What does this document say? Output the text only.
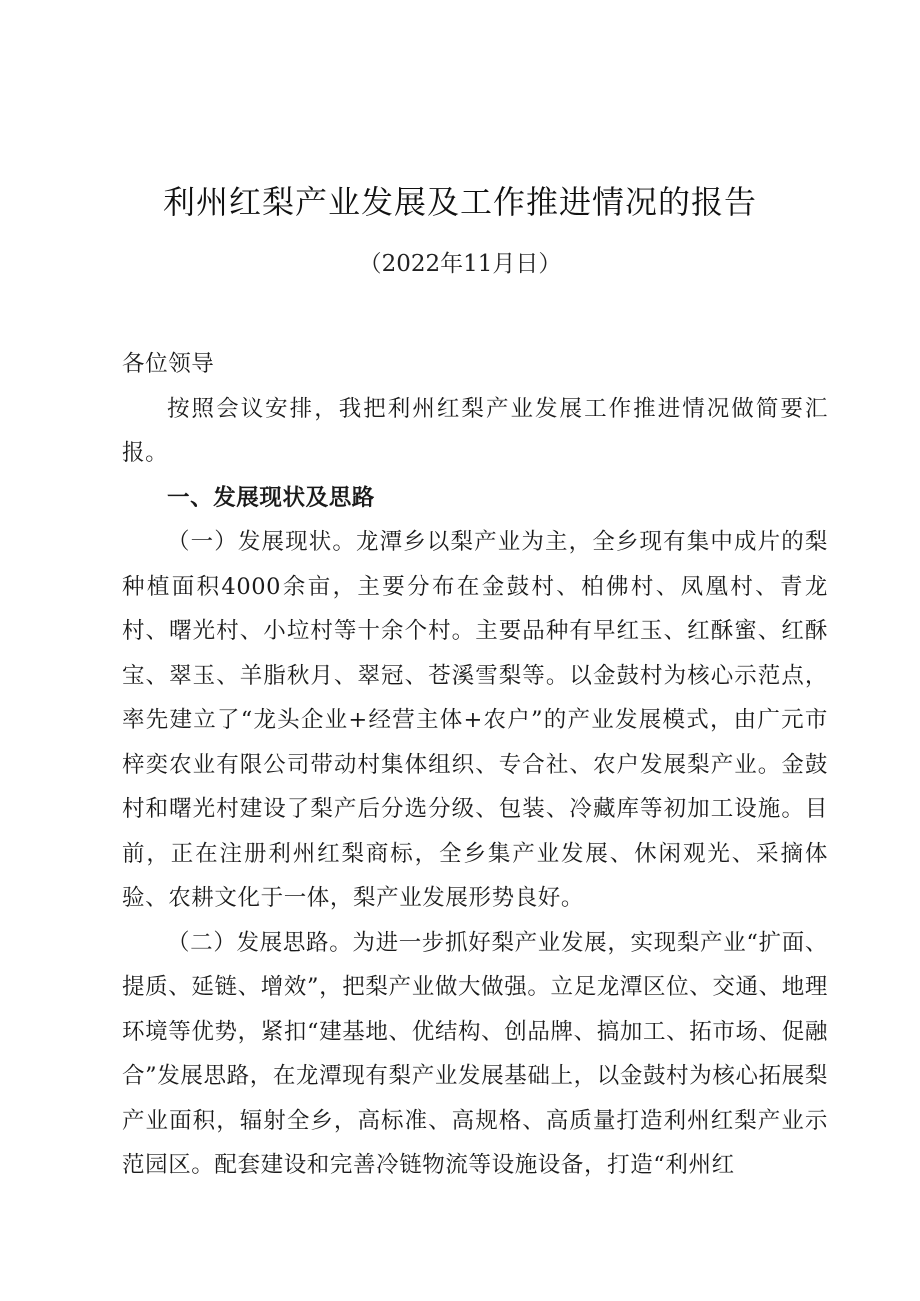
利州红梨产业发展及工作推进情况的报告
（2022年11月日）

各位领导

按照会议安排，我把利州红梨产业发展工作推进情况做简要汇报。

一、发展现状及思路

（一）发展现状。龙潭乡以梨产业为主，全乡现有集中成片的梨种植面积4000余亩，主要分布在金鼓村、柏佛村、凤凰村、青龙村、曙光村、小垃村等十余个村。主要品种有早红玉、红酥蜜、红酥宝、翠玉、羊脂秋月、翠冠、苍溪雪梨等。以金鼓村为核心示范点，率先建立了“龙头企业+经营主体+农户”的产业发展模式，由广元市梓奕农业有限公司带动村集体组织、专合社、农户发展梨产业。金鼓村和曙光村建设了梨产后分选分级、包装、冷藏库等初加工设施。目前，正在注册利州红梨商标，全乡集产业发展、休闲观光、采摘体验、农耕文化于一体，梨产业发展形势良好。

（二）发展思路。为进一步抓好梨产业发展，实现梨产业“扩面、提质、延链、增效”，把梨产业做大做强。立足龙潭区位、交通、地理环境等优势，紧扣“建基地、优结构、创品牌、搞加工、拓市场、促融合”发展思路，在龙潭现有梨产业发展基础上，以金鼓村为核心拓展梨产业面积，辐射全乡，高标准、高规格、高质量打造利州红梨产业示范园区。配套建设和完善冷链物流等设施设备，打造“利州红
